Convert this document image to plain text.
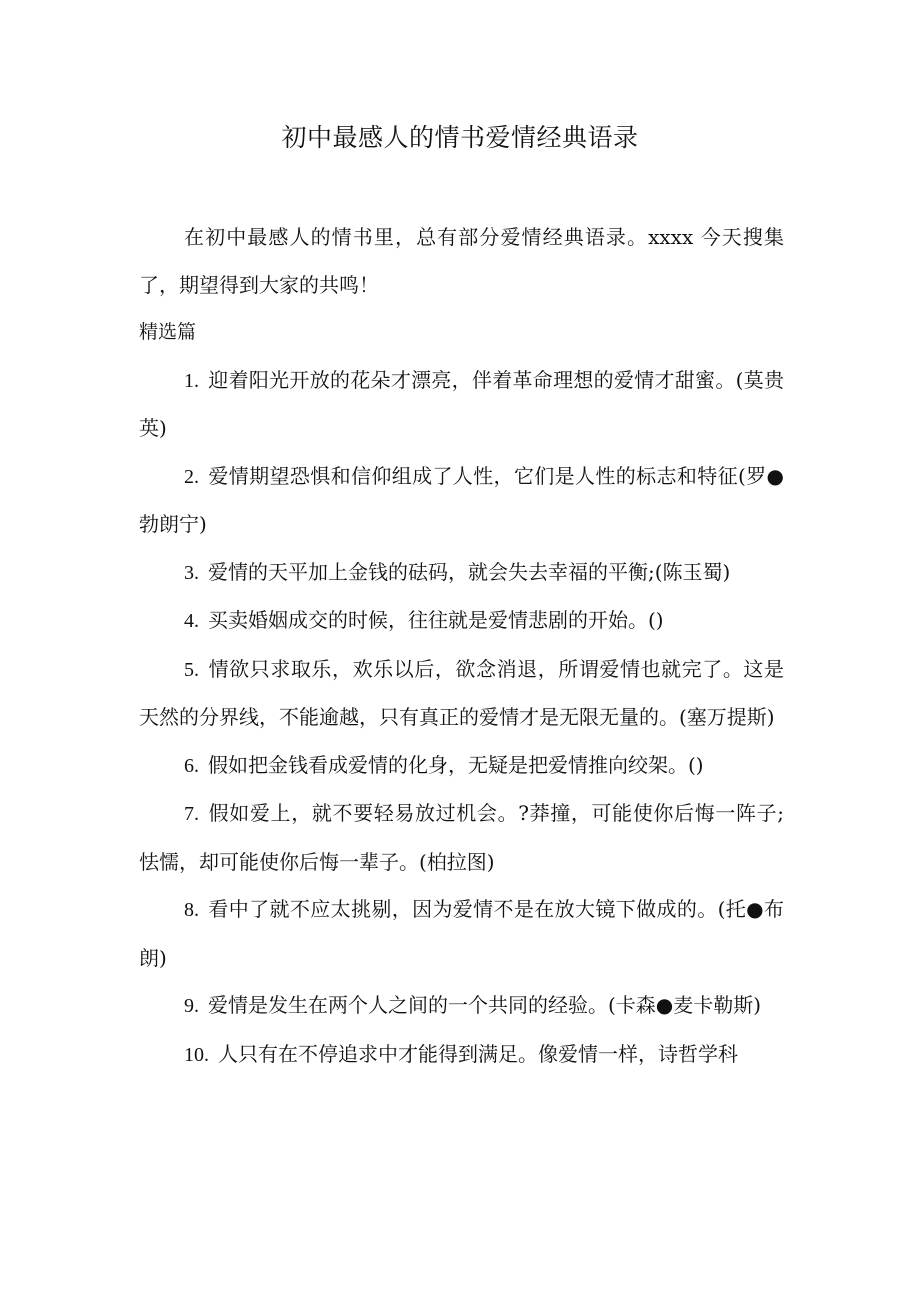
初中最感人的情书爱情经典语录

在初中最感人的情书里，总有部分爱情经典语录。xxxx 今天搜集了，期望得到大家的共鸣！

精选篇

1. 迎着阳光开放的花朵才漂亮，伴着革命理想的爱情才甜蜜。(莫贵英)

2. 爱情期望恐惧和信仰组成了人性，它们是人性的标志和特征(罗●勃朗宁)

3. 爱情的天平加上金钱的砝码，就会失去幸福的平衡;(陈玉蜀)

4. 买卖婚姻成交的时候，往往就是爱情悲剧的开始。()

5. 情欲只求取乐，欢乐以后，欲念消退，所谓爱情也就完了。这是天然的分界线，不能逾越，只有真正的爱情才是无限无量的。(塞万提斯)

6. 假如把金钱看成爱情的化身，无疑是把爱情推向绞架。()

7. 假如爱上，就不要轻易放过机会。?莽撞，可能使你后悔一阵子;怯懦，却可能使你后悔一辈子。(柏拉图)

8. 看中了就不应太挑剔，因为爱情不是在放大镜下做成的。(托●布朗)

9. 爱情是发生在两个人之间的一个共同的经验。(卡森●麦卡勒斯)

10. 人只有在不停追求中才能得到满足。像爱情一样，诗哲学科
